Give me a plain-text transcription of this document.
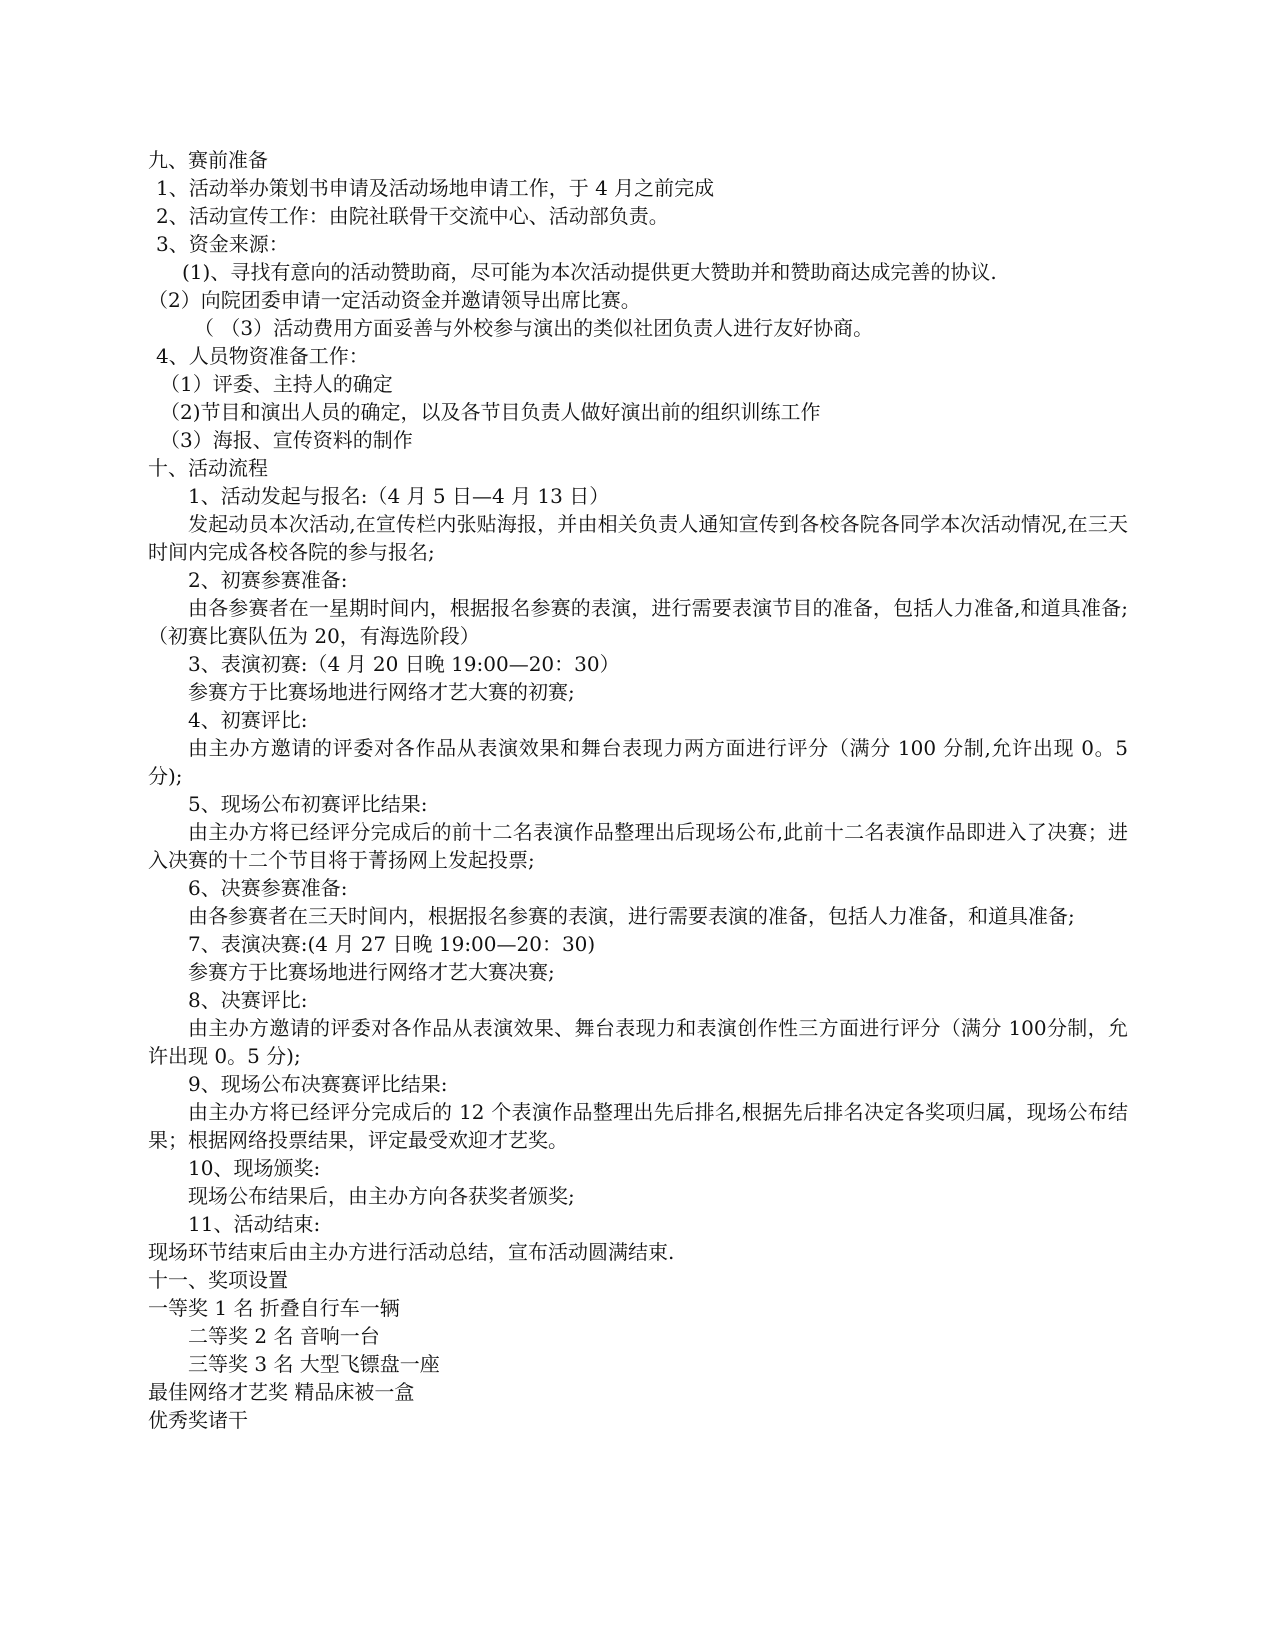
九、赛前准备
1、活动举办策划书申请及活动场地申请工作，于 4 月之前完成
2、活动宣传工作：由院社联骨干交流中心、活动部负责。
3、资金来源：
(1)、寻找有意向的活动赞助商，尽可能为本次活动提供更大赞助并和赞助商达成完善的协议.
（2）向院团委申请一定活动资金并邀请领导出席比赛。
（ （3）活动费用方面妥善与外校参与演出的类似社团负责人进行友好协商。
4、人员物资准备工作：
（1）评委、主持人的确定
（2)节目和演出人员的确定，以及各节目负责人做好演出前的组织训练工作
（3）海报、宣传资料的制作
十、活动流程
1、活动发起与报名:（4 月 5 日—4 月 13 日）
发起动员本次活动,在宣传栏内张贴海报，并由相关负责人通知宣传到各校各院各同学本次活动情况,在三天时间内完成各校各院的参与报名;
2、初赛参赛准备:
由各参赛者在一星期时间内，根据报名参赛的表演，进行需要表演节目的准备，包括人力准备,和道具准备;（初赛比赛队伍为 20，有海选阶段）
3、表演初赛:（4 月 20 日晚 19:00—20：30）
参赛方于比赛场地进行网络才艺大赛的初赛;
4、初赛评比:
由主办方邀请的评委对各作品从表演效果和舞台表现力两方面进行评分（满分 100 分制,允许出现 0。5 分);
5、现场公布初赛评比结果:
由主办方将已经评分完成后的前十二名表演作品整理出后现场公布,此前十二名表演作品即进入了决赛；进入决赛的十二个节目将于菁扬网上发起投票;
6、决赛参赛准备:
由各参赛者在三天时间内，根据报名参赛的表演，进行需要表演的准备，包括人力准备，和道具准备;
7、表演决赛:(4 月 27 日晚 19:00—20：30)
参赛方于比赛场地进行网络才艺大赛决赛;
8、决赛评比:
由主办方邀请的评委对各作品从表演效果、舞台表现力和表演创作性三方面进行评分（满分 100分制，允许出现 0。5 分);
9、现场公布决赛赛评比结果:
由主办方将已经评分完成后的 12 个表演作品整理出先后排名,根据先后排名决定各奖项归属，现场公布结果；根据网络投票结果，评定最受欢迎才艺奖。
10、现场颁奖:
现场公布结果后，由主办方向各获奖者颁奖;
11、活动结束:
现场环节结束后由主办方进行活动总结，宣布活动圆满结束.
十一、奖项设置
一等奖 1 名 折叠自行车一辆
二等奖 2 名 音响一台
三等奖 3 名 大型飞镖盘一座
最佳网络才艺奖 精品床被一盒
优秀奖诸干
